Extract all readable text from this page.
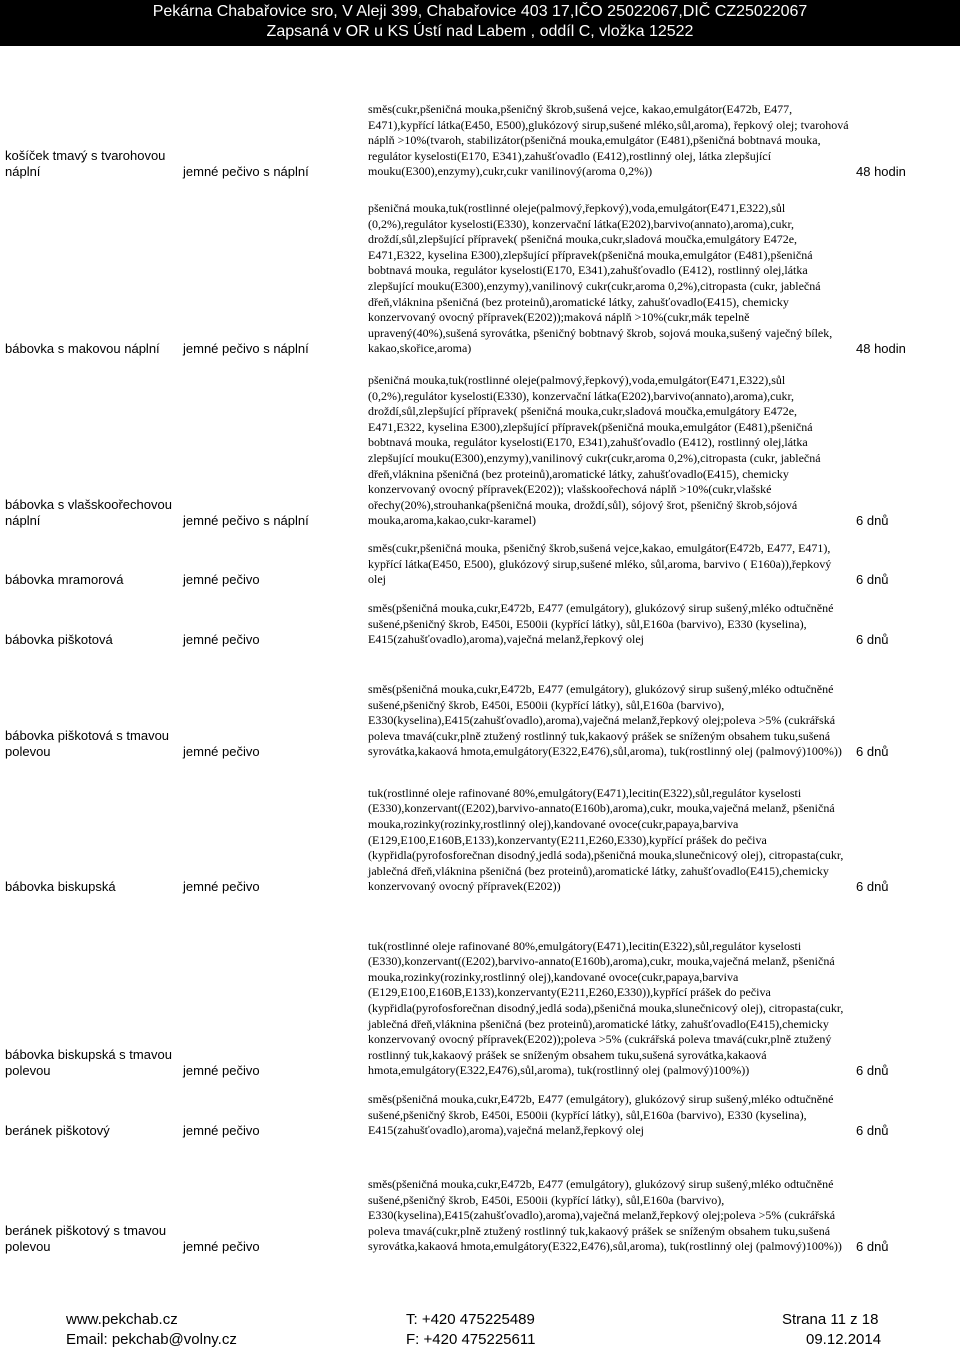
Pekárna Chabařovice sro, V Aleji 399, Chabařovice 403 17,IČO 25022067,DIČ CZ25022067
Zapsaná v OR u KS Ústí nad Labem , oddíl C, vložka 12522
košíček tmavý s tvarohovou náplní	jemné pečivo s náplní	směs(cukr,pšeničná mouka,pšeničný škrob,sušená vejce, kakao,emulgátor(E472b, E477, E471),kypřící látka(E450, E500),glukózový sirup,sušené mléko,sůl,aroma), řepkový olej; tvarohová náplň >10%(tvaroh, stabilizátor(pšeničná mouka,emulgátor (E481),pšeničná bobtnavá mouka, regulátor kyselosti(E170, E341),zahušťovadlo (E412),rostlinný olej, látka zlepšující mouku(E300),enzymy),cukr,cukr vanilinový(aroma 0,2%))	48 hodin
bábovka s makovou náplní	jemné pečivo s náplní	pšeničná mouka,tuk(rostlinné oleje(palmový,řepkový),voda,emulgátor(E471,E322),sůl (0,2%),regulátor kyselosti(E330), konzervační látka(E202),barvivo(annato),aroma),cukr, droždí,sůl,zlepšující přípravek( pšeničná mouka,cukr,sladová moučka,emulgátory E472e, E471,E322, kyselina E300),zlepšující přípravek(pšeničná mouka,emulgátor (E481),pšeničná bobtnavá mouka, regulátor kyselosti(E170, E341),zahušťovadlo (E412), rostlinný olej,látka zlepšující mouku(E300),enzymy),vanilinový cukr(cukr,aroma 0,2%),citropasta (cukr, jablečná dřeň,vláknina pšeničná (bez proteinů),aromatické látky, zahušťovadlo(E415), chemicky konzervovaný ovocný přípravek(E202));maková náplň >10%(cukr,mák tepelně upravený(40%),sušená syrovátka, pšeničný bobtnavý škrob, sojová mouka,sušený vaječný bílek, kakao,skořice,aroma)	48 hodin
bábovka s vlašskoořechovou náplní	jemné pečivo s náplní	pšeničná mouka,tuk(rostlinné oleje(palmový,řepkový),voda,emulgátor(E471,E322),sůl (0,2%),regulátor kyselosti(E330), konzervační látka(E202),barvivo(annato),aroma),cukr, droždí,sůl,zlepšující přípravek( pšeničná mouka,cukr,sladová moučka,emulgátory E472e, E471,E322, kyselina E300),zlepšující přípravek(pšeničná mouka,emulgátor (E481),pšeničná bobtnavá mouka, regulátor kyselosti(E170, E341),zahušťovadlo (E412), rostlinný olej,látka zlepšující mouku(E300),enzymy),vanilinový cukr(cukr,aroma 0,2%),citropasta (cukr, jablečná dřeň,vláknina pšeničná (bez proteinů),aromatické látky, zahušťovadlo(E415), chemicky konzervovaný ovocný přípravek(E202)); vlašskoořechová náplň >10%(cukr,vlašské ořechy(20%),strouhanka(pšeničná mouka, droždí,sůl), sójový šrot, pšeničný škrob,sójová mouka,aroma,kakao,cukr-karamel)	6 dnů
bábovka mramorová	jemné pečivo	směs(cukr,pšeničná mouka, pšeničný škrob,sušená vejce,kakao, emulgátor(E472b, E477, E471), kypřící látka(E450, E500), glukózový sirup,sušené mléko, sůl,aroma, barvivo ( E160a)),řepkový olej	6 dnů
bábovka piškotová	jemné pečivo	směs(pšeničná mouka,cukr,E472b, E477 (emulgátory), glukózový sirup sušený,mléko odtučněné sušené,pšeničný škrob, E450i, E500ii (kypřící látky), sůl,E160a (barvivo), E330 (kyselina), E415(zahušťovadlo),aroma),vaječná melanž,řepkový olej	6 dnů
bábovka piškotová s tmavou polevou	jemné pečivo	směs(pšeničná mouka,cukr,E472b, E477 (emulgátory), glukózový sirup sušený,mléko odtučněné sušené,pšeničný škrob, E450i, E500ii (kypřící látky), sůl,E160a (barvivo), E330(kyselina),E415(zahušťovadlo),aroma),vaječná melanž,řepkový olej;poleva >5% (cukrářská poleva tmavá(cukr,plně ztužený rostlinný tuk,kakaový prášek se sníženým obsahem tuku,sušená syrovátka,kakaová hmota,emulgátory(E322,E476),sůl,aroma), tuk(rostlinný olej (palmový)100%))	6 dnů
bábovka biskupská	jemné pečivo	tuk(rostlinné oleje rafinované 80%,emulgátory(E471),lecitin(E322),sůl,regulátor kyselosti (E330),konzervant((E202),barvivo-annato(E160b),aroma),cukr, mouka,vaječná melanž, pšeničná mouka,rozinky(rozinky,rostlinný olej),kandované ovoce(cukr,papaya,barviva (E129,E100,E160B,E133),konzervanty(E211,E260,E330),kypřící prášek do pečiva (kypřidla(pyrofosforečnan disodný,jedlá soda),pšeničná mouka,slunečnicový olej), citropasta(cukr, jablečná dřeň,vláknina pšeničná (bez proteinů),aromatické látky, zahušťovadlo(E415),chemicky konzervovaný ovocný přípravek(E202))	6 dnů
bábovka biskupská s tmavou polevou	jemné pečivo	tuk(rostlinné oleje rafinované 80%,emulgátory(E471),lecitin(E322),sůl,regulátor kyselosti (E330),konzervant((E202),barvivo-annato(E160b),aroma),cukr, mouka,vaječná melanž, pšeničná mouka,rozinky(rozinky,rostlinný olej),kandované ovoce(cukr,papaya,barviva (E129,E100,E160B,E133),konzervanty(E211,E260,E330)),kypřící prášek do pečiva (kypřidla(pyrofosforečnan disodný,jedlá soda),pšeničná mouka,slunečnicový olej), citropasta(cukr, jablečná dřeň,vláknina pšeničná (bez proteinů),aromatické látky, zahušťovadlo(E415),chemicky konzervovaný ovocný přípravek(E202));poleva >5% (cukrářská poleva tmavá(cukr,plně ztužený rostlinný tuk,kakaový prášek se sníženým obsahem tuku,sušená syrovátka,kakaová hmota,emulgátory(E322,E476),sůl,aroma), tuk(rostlinný olej (palmový)100%))	6 dnů
beránek piškotový	jemné pečivo	směs(pšeničná mouka,cukr,E472b, E477 (emulgátory), glukózový sirup sušený,mléko odtučněné sušené,pšeničný škrob, E450i, E500ii (kypřící látky), sůl,E160a (barvivo), E330 (kyselina), E415(zahušťovadlo),aroma),vaječná melanž,řepkový olej	6 dnů
beránek piškotový s tmavou polevou	jemné pečivo	směs(pšeničná mouka,cukr,E472b, E477 (emulgátory), glukózový sirup sušený,mléko odtučněné sušené,pšeničný škrob, E450i, E500ii (kypřící látky), sůl,E160a (barvivo), E330(kyselina),E415(zahušťovadlo),aroma),vaječná melanž,řepkový olej;poleva >5% (cukrářská poleva tmavá(cukr,plně ztužený rostlinný tuk,kakaový prášek se sníženým obsahem tuku,sušená syrovátka,kakaová hmota,emulgátory(E322,E476),sůl,aroma), tuk(rostlinný olej (palmový)100%))	6 dnů
www.pekchab.cz
Email: pekchab@volny.cz
T: +420 475225489
F: +420 475225611
Strana 11 z 18
09.12.2014
